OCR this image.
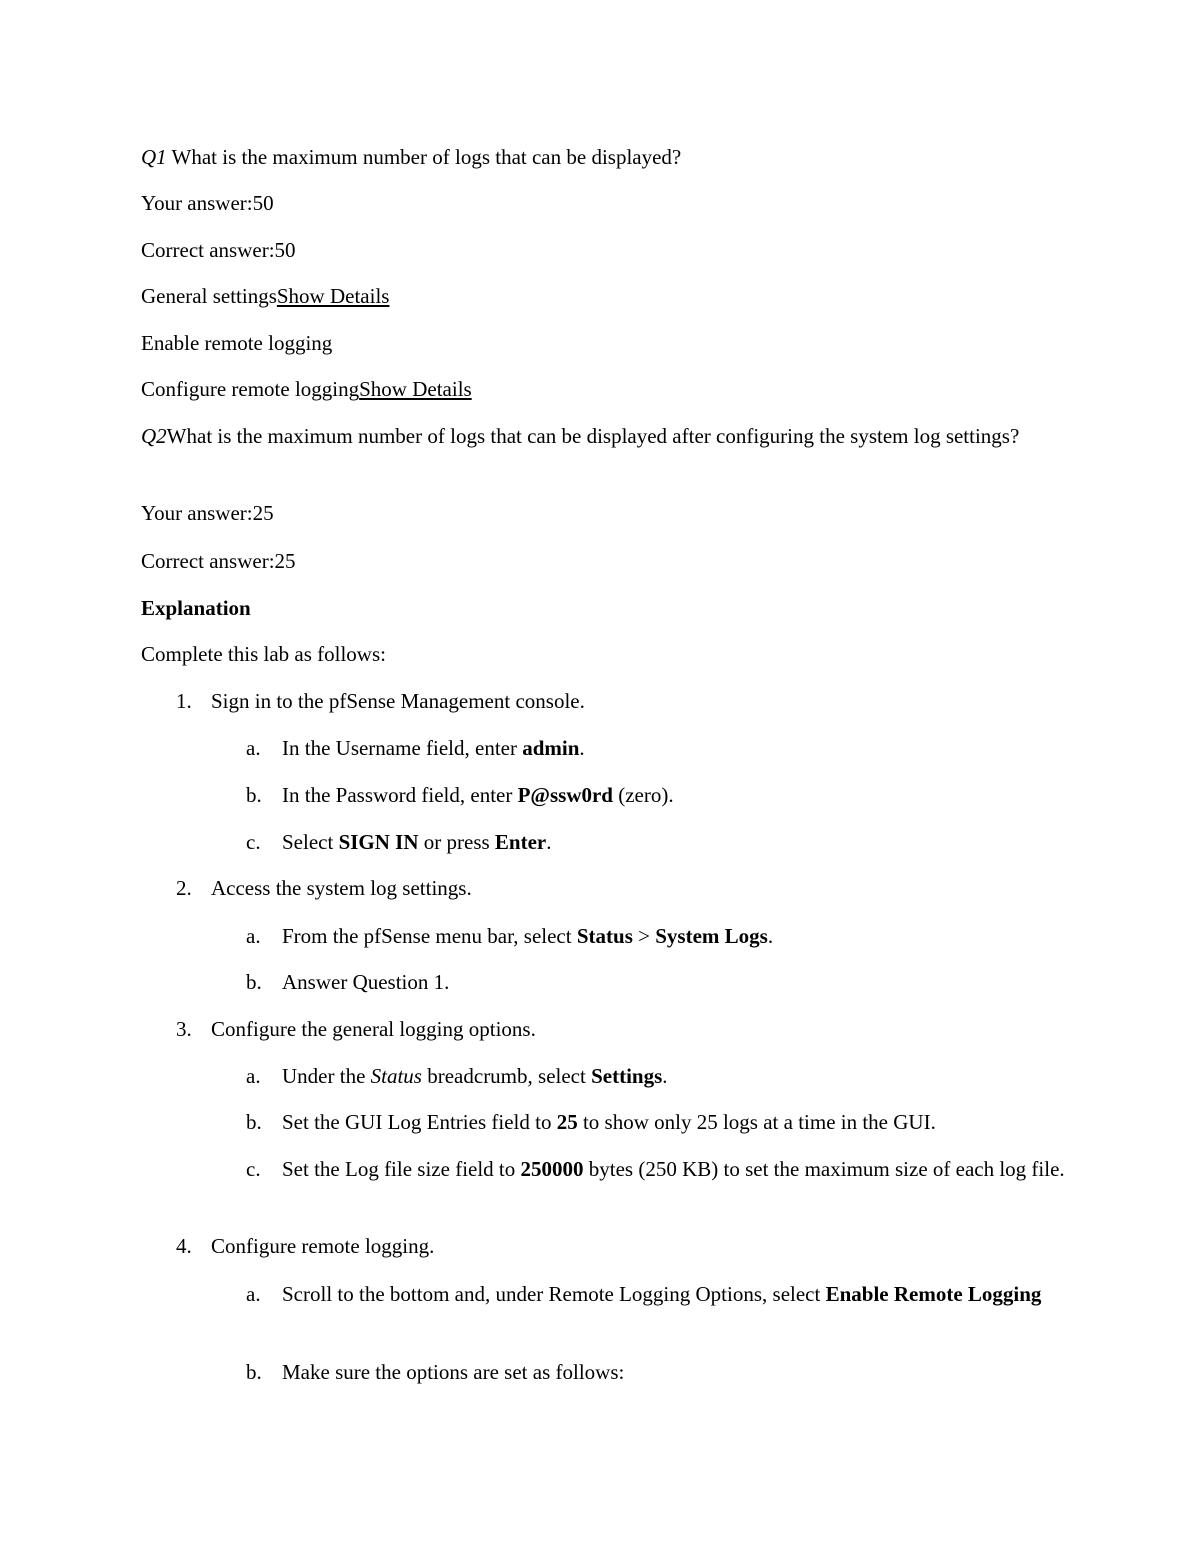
Q1 What is the maximum number of logs that can be displayed?
Your answer:50
Correct answer:50
General settingsShow Details
Enable remote logging
Configure remote loggingShow Details
Q2What is the maximum number of logs that can be displayed after configuring the system log settings?
Your answer:25
Correct answer:25
Explanation
Complete this lab as follows:
1. Sign in to the pfSense Management console.
a. In the Username field, enter admin.
b. In the Password field, enter P@ssw0rd (zero).
c. Select SIGN IN or press Enter.
2. Access the system log settings.
a. From the pfSense menu bar, select Status > System Logs.
b. Answer Question 1.
3. Configure the general logging options.
a. Under the Status breadcrumb, select Settings.
b. Set the GUI Log Entries field to 25 to show only 25 logs at a time in the GUI.
c. Set the Log file size field to 250000 bytes (250 KB) to set the maximum size of each log file.
4. Configure remote logging.
a. Scroll to the bottom and, under Remote Logging Options, select Enable Remote Logging
b. Make sure the options are set as follows:
